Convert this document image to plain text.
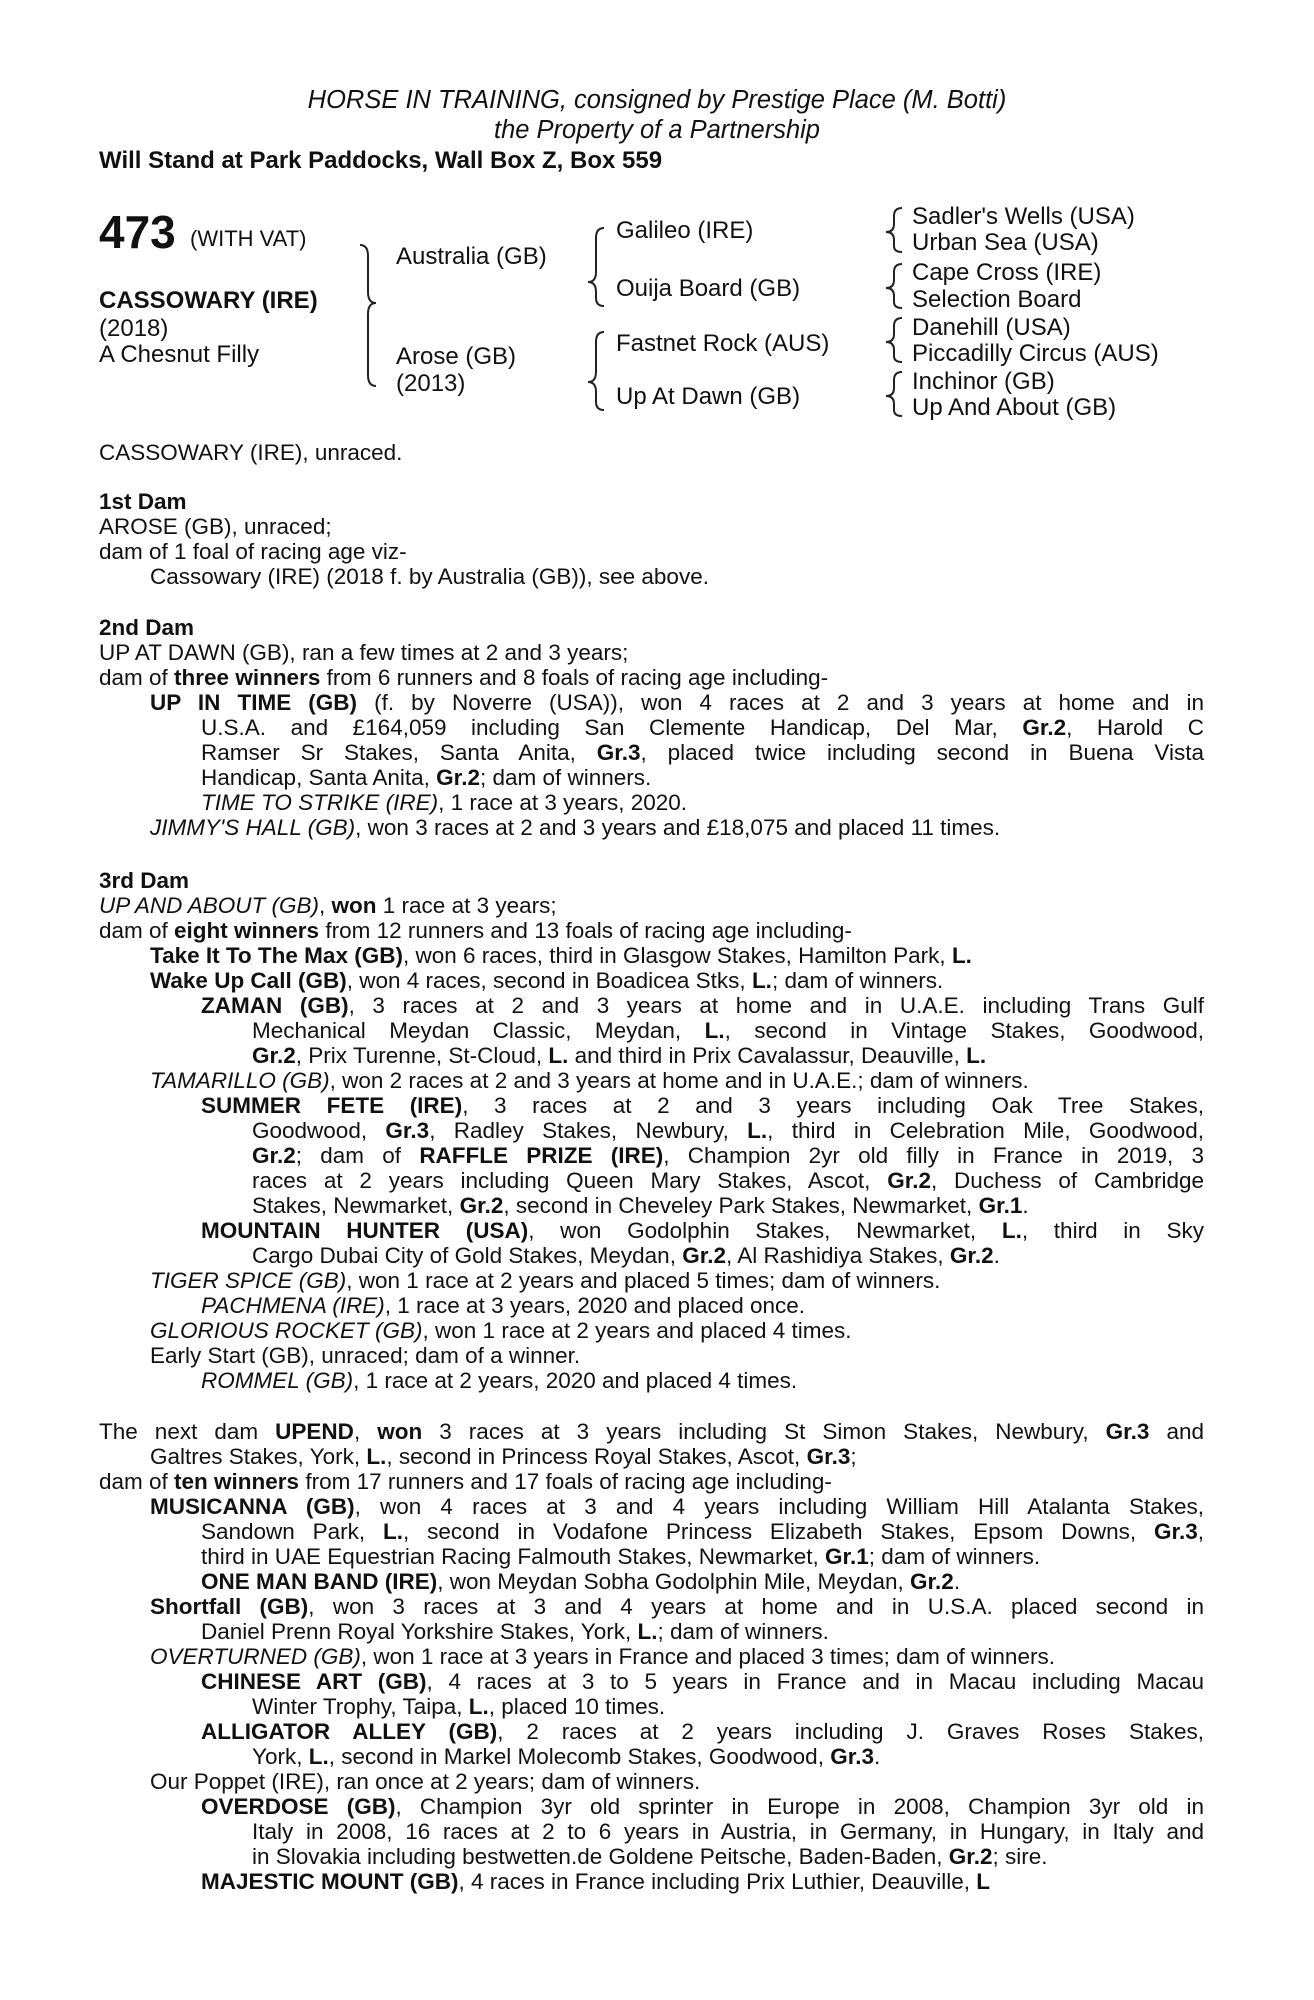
HORSE IN TRAINING, consigned by Prestige Place (M. Botti)
the Property of a Partnership
Will Stand at Park Paddocks, Wall Box Z, Box 559
473 (WITH VAT)
CASSOWARY (IRE)
(2018)
A Chesnut Filly
Australia (GB)
Arose (GB)
(2013)
Galileo (IRE)
Ouija Board (GB)
Fastnet Rock (AUS)
Up At Dawn (GB)
Sadler's Wells (USA)
Urban Sea (USA)
Cape Cross (IRE)
Selection Board
Danehill (USA)
Piccadilly Circus (AUS)
Inchinor (GB)
Up And About (GB)
CASSOWARY (IRE), unraced.
1st Dam
AROSE (GB), unraced;
dam of 1 foal of racing age viz-
Cassowary (IRE) (2018 f. by Australia (GB)), see above.
2nd Dam
UP AT DAWN (GB), ran a few times at 2 and 3 years;
dam of three winners from 6 runners and 8 foals of racing age including-
UP IN TIME (GB) (f. by Noverre (USA)), won 4 races at 2 and 3 years at home and in
U.S.A. and £164,059 including San Clemente Handicap, Del Mar, Gr.2, Harold C
Ramser Sr Stakes, Santa Anita, Gr.3, placed twice including second in Buena Vista
Handicap, Santa Anita, Gr.2; dam of winners.
TIME TO STRIKE (IRE), 1 race at 3 years, 2020.
JIMMY'S HALL (GB), won 3 races at 2 and 3 years and £18,075 and placed 11 times.
3rd Dam
UP AND ABOUT (GB), won 1 race at 3 years;
dam of eight winners from 12 runners and 13 foals of racing age including-
Take It To The Max (GB), won 6 races, third in Glasgow Stakes, Hamilton Park, L.
Wake Up Call (GB), won 4 races, second in Boadicea Stks, L.; dam of winners.
ZAMAN (GB), 3 races at 2 and 3 years at home and in U.A.E. including Trans Gulf
Mechanical Meydan Classic, Meydan, L., second in Vintage Stakes, Goodwood,
Gr.2, Prix Turenne, St-Cloud, L. and third in Prix Cavalassur, Deauville, L.
TAMARILLO (GB), won 2 races at 2 and 3 years at home and in U.A.E.; dam of winners.
SUMMER FETE (IRE), 3 races at 2 and 3 years including Oak Tree Stakes,
Goodwood, Gr.3, Radley Stakes, Newbury, L., third in Celebration Mile, Goodwood,
Gr.2; dam of RAFFLE PRIZE (IRE), Champion 2yr old filly in France in 2019, 3
races at 2 years including Queen Mary Stakes, Ascot, Gr.2, Duchess of Cambridge
Stakes, Newmarket, Gr.2, second in Cheveley Park Stakes, Newmarket, Gr.1.
MOUNTAIN HUNTER (USA), won Godolphin Stakes, Newmarket, L., third in Sky
Cargo Dubai City of Gold Stakes, Meydan, Gr.2, Al Rashidiya Stakes, Gr.2.
TIGER SPICE (GB), won 1 race at 2 years and placed 5 times; dam of winners.
PACHMENA (IRE), 1 race at 3 years, 2020 and placed once.
GLORIOUS ROCKET (GB), won 1 race at 2 years and placed 4 times.
Early Start (GB), unraced; dam of a winner.
ROMMEL (GB), 1 race at 2 years, 2020 and placed 4 times.
The next dam UPEND, won 3 races at 3 years including St Simon Stakes, Newbury, Gr.3 and
Galtres Stakes, York, L., second in Princess Royal Stakes, Ascot, Gr.3;
dam of ten winners from 17 runners and 17 foals of racing age including-
MUSICANNA (GB), won 4 races at 3 and 4 years including William Hill Atalanta Stakes,
Sandown Park, L., second in Vodafone Princess Elizabeth Stakes, Epsom Downs, Gr.3,
third in UAE Equestrian Racing Falmouth Stakes, Newmarket, Gr.1; dam of winners.
ONE MAN BAND (IRE), won Meydan Sobha Godolphin Mile, Meydan, Gr.2.
Shortfall (GB), won 3 races at 3 and 4 years at home and in U.S.A. placed second in
Daniel Prenn Royal Yorkshire Stakes, York, L.; dam of winners.
OVERTURNED (GB), won 1 race at 3 years in France and placed 3 times; dam of winners.
CHINESE ART (GB), 4 races at 3 to 5 years in France and in Macau including Macau
Winter Trophy, Taipa, L., placed 10 times.
ALLIGATOR ALLEY (GB), 2 races at 2 years including J. Graves Roses Stakes,
York, L., second in Markel Molecomb Stakes, Goodwood, Gr.3.
Our Poppet (IRE), ran once at 2 years; dam of winners.
OVERDOSE (GB), Champion 3yr old sprinter in Europe in 2008, Champion 3yr old in
Italy in 2008, 16 races at 2 to 6 years in Austria, in Germany, in Hungary, in Italy and
in Slovakia including bestwetten.de Goldene Peitsche, Baden-Baden, Gr.2; sire.
MAJESTIC MOUNT (GB), 4 races in France including Prix Luthier, Deauville, L
